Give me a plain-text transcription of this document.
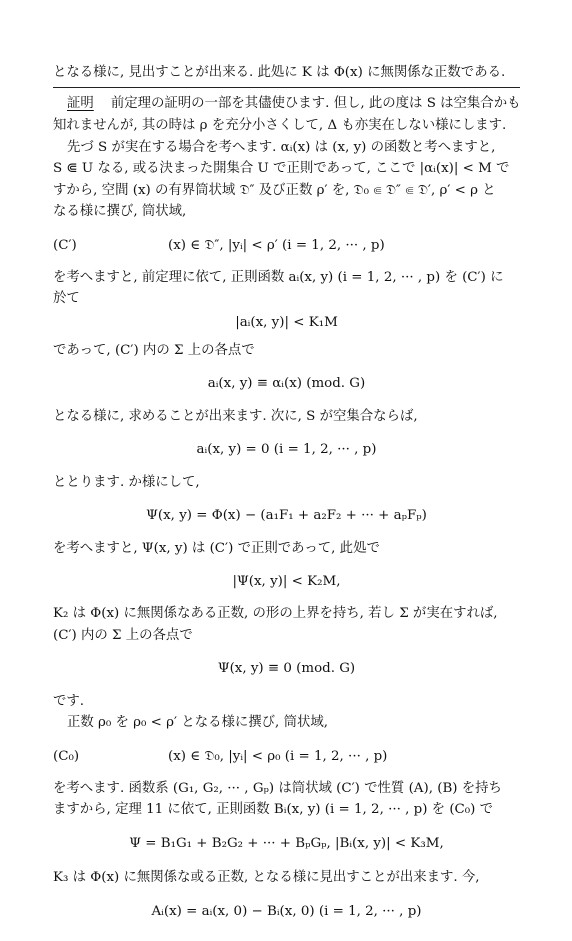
となる様に, 見出すことが出来る. 此処に K は Φ(x) に無関係な正数である.
証明 前定理の証明の一部を其儘使ひます. 但し, 此の度は S は空集合かも
知れませんが, 其の時は ρ を充分小さくして, Δ も亦実在しない様にします.
先づ S が実在する場合を考へます. αᵢ(x) は (x, y) の函数と考へますと,
S ⋐ U なる, 或る決まった開集合 U で正則であって, ここで |αᵢ(x)| < M で
すから, 空間 (x) の有界筒状域 𝔇″ 及び正数 ρ′ を, 𝔇₀ ⋐ 𝔇″ ⋐ 𝔇′, ρ′ < ρ と
なる様に撰び, 筒状域,
(C′)	(x) ∈ 𝔇″, |yᵢ| < ρ′ (i = 1, 2, ··· , p)
を考へますと, 前定理に依て, 正則函数 aᵢ(x, y) (i = 1, 2, ··· , p) を (C′) に
於て
|aᵢ(x, y)| < K₁M
であって, (C′) 内の Σ 上の各点で
aᵢ(x, y) ≡ αᵢ(x) (mod. G)
となる様に, 求めることが出来ます. 次に, S が空集合ならば,
aᵢ(x, y) = 0 (i = 1, 2, ··· , p)
ととります. か様にして,
Ψ(x, y) = Φ(x) − (a₁F₁ + a₂F₂ + ··· + aₚFₚ)
を考へますと, Ψ(x, y) は (C′) で正則であって, 此処で
|Ψ(x, y)| < K₂M,
K₂ は Φ(x) に無関係なある正数, の形の上界を持ち, 若し Σ が実在すれば,
(C′) 内の Σ 上の各点で
Ψ(x, y) ≡ 0 (mod. G)
です.
正数 ρ₀ を ρ₀ < ρ′ となる様に撰び, 筒状域,
(C₀)	(x) ∈ 𝔇₀, |yᵢ| < ρ₀ (i = 1, 2, ··· , p)
を考へます. 函数系 (G₁, G₂, ··· , Gₚ) は筒状域 (C′) で性質 (A), (B) を持ち
ますから, 定理 11 に依て, 正則函数 Bᵢ(x, y) (i = 1, 2, ··· , p) を (C₀) で
Ψ = B₁G₁ + B₂G₂ + ··· + BₚGₚ, |Bᵢ(x, y)| < K₃M,
K₃ は Φ(x) に無関係な或る正数, となる様に見出すことが出来ます. 今,
Aᵢ(x) = aᵢ(x, 0) − Bᵢ(x, 0) (i = 1, 2, ··· , p)
